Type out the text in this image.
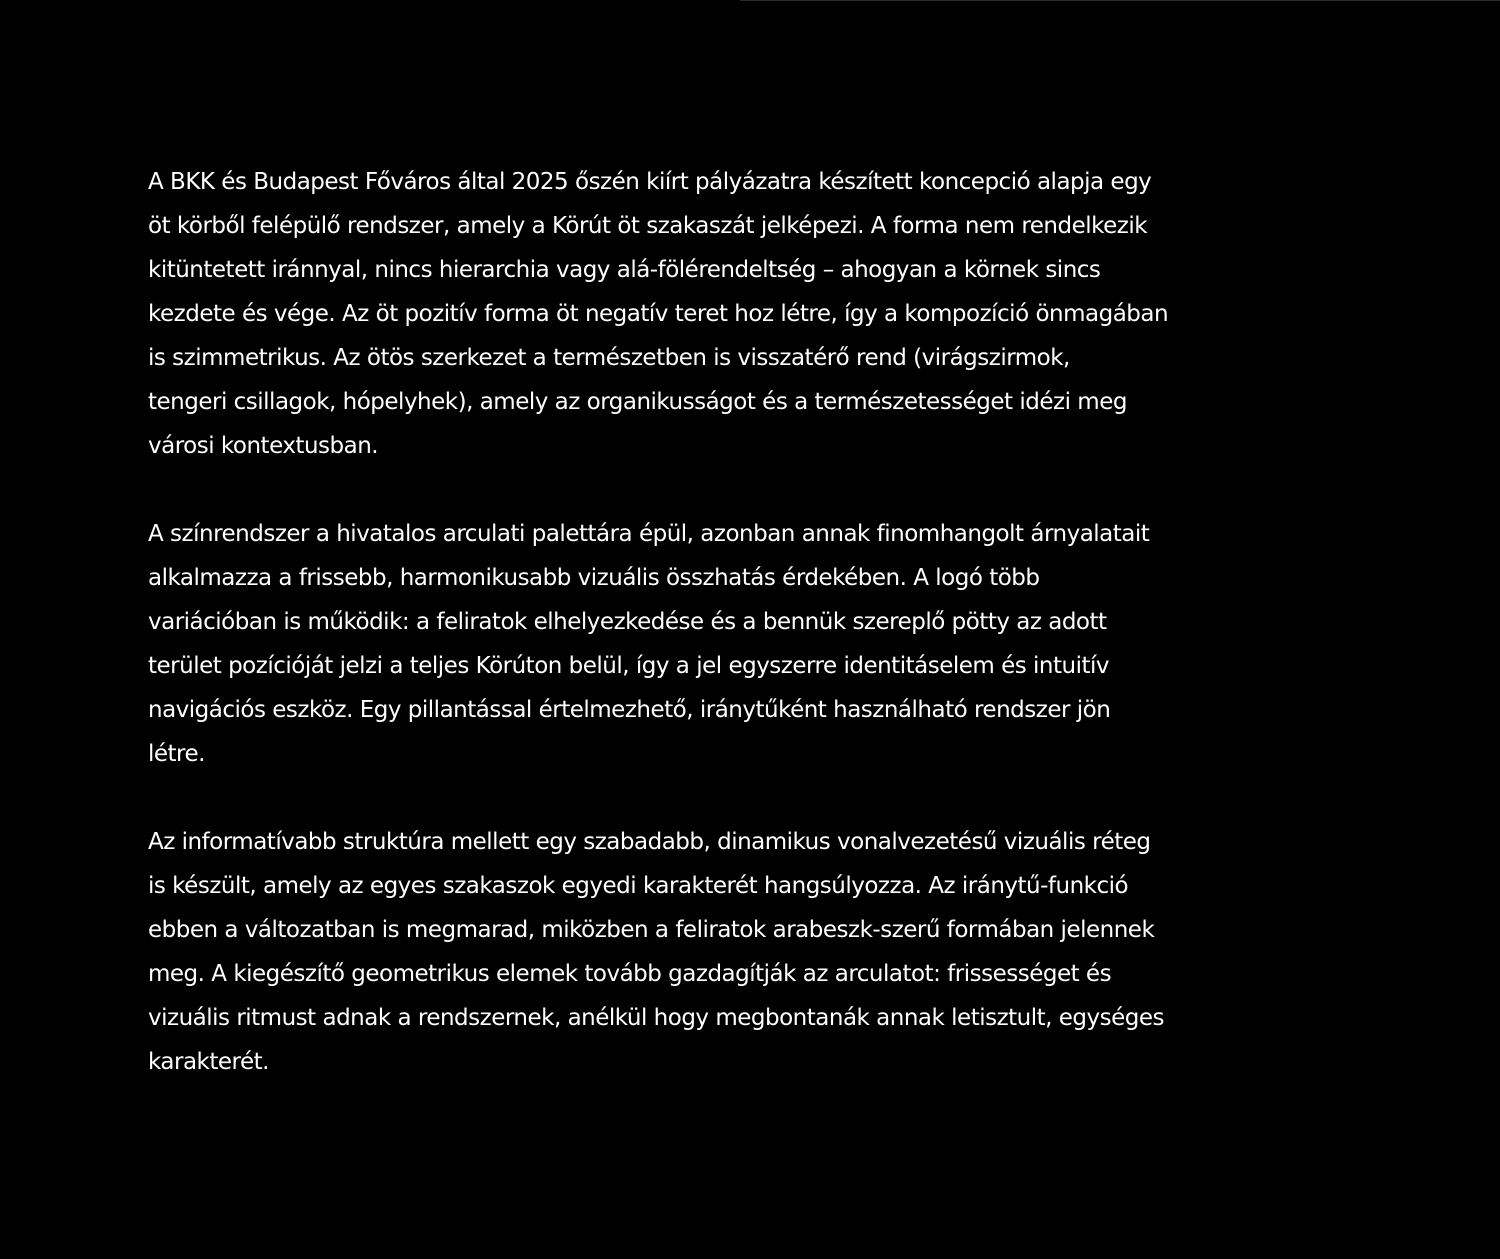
A BKK és Budapest Főváros által 2025 őszén kiírt pályázatra készített koncepció alapja egy
öt körből felépülő rendszer, amely a Körút öt szakaszát jelképezi. A forma nem rendelkezik
kitüntetett iránnyal, nincs hierarchia vagy alá-fölérendeltség – ahogyan a körnek sincs
kezdete és vége. Az öt pozitív forma öt negatív teret hoz létre, így a kompozíció önmagában
is szimmetrikus. Az ötös szerkezet a természetben is visszatérő rend (virágszirmok,
tengeri csillagok, hópelyhek), amely az organikusságot és a természetességet idézi meg
városi kontextusban.

A színrendszer a hivatalos arculati palettára épül, azonban annak finomhangolt árnyalatait
alkalmazza a frissebb, harmonikusabb vizuális összhatás érdekében. A logó több
variációban is működik: a feliratok elhelyezkedése és a bennük szereplő pötty az adott
terület pozícióját jelzi a teljes Körúton belül, így a jel egyszerre identitáselem és intuitív
navigációs eszköz. Egy pillantással értelmezhető, iránytűként használható rendszer jön
létre.

Az informatívabb struktúra mellett egy szabadabb, dinamikus vonalvezetésű vizuális réteg
is készült, amely az egyes szakaszok egyedi karakterét hangsúlyozza. Az iránytű-funkció
ebben a változatban is megmarad, miközben a feliratok arabeszk-szerű formában jelennek
meg. A kiegészítő geometrikus elemek tovább gazdagítják az arculatot: frissességet és
vizuális ritmust adnak a rendszernek, anélkül hogy megbontanák annak letisztult, egységes
karakterét.
